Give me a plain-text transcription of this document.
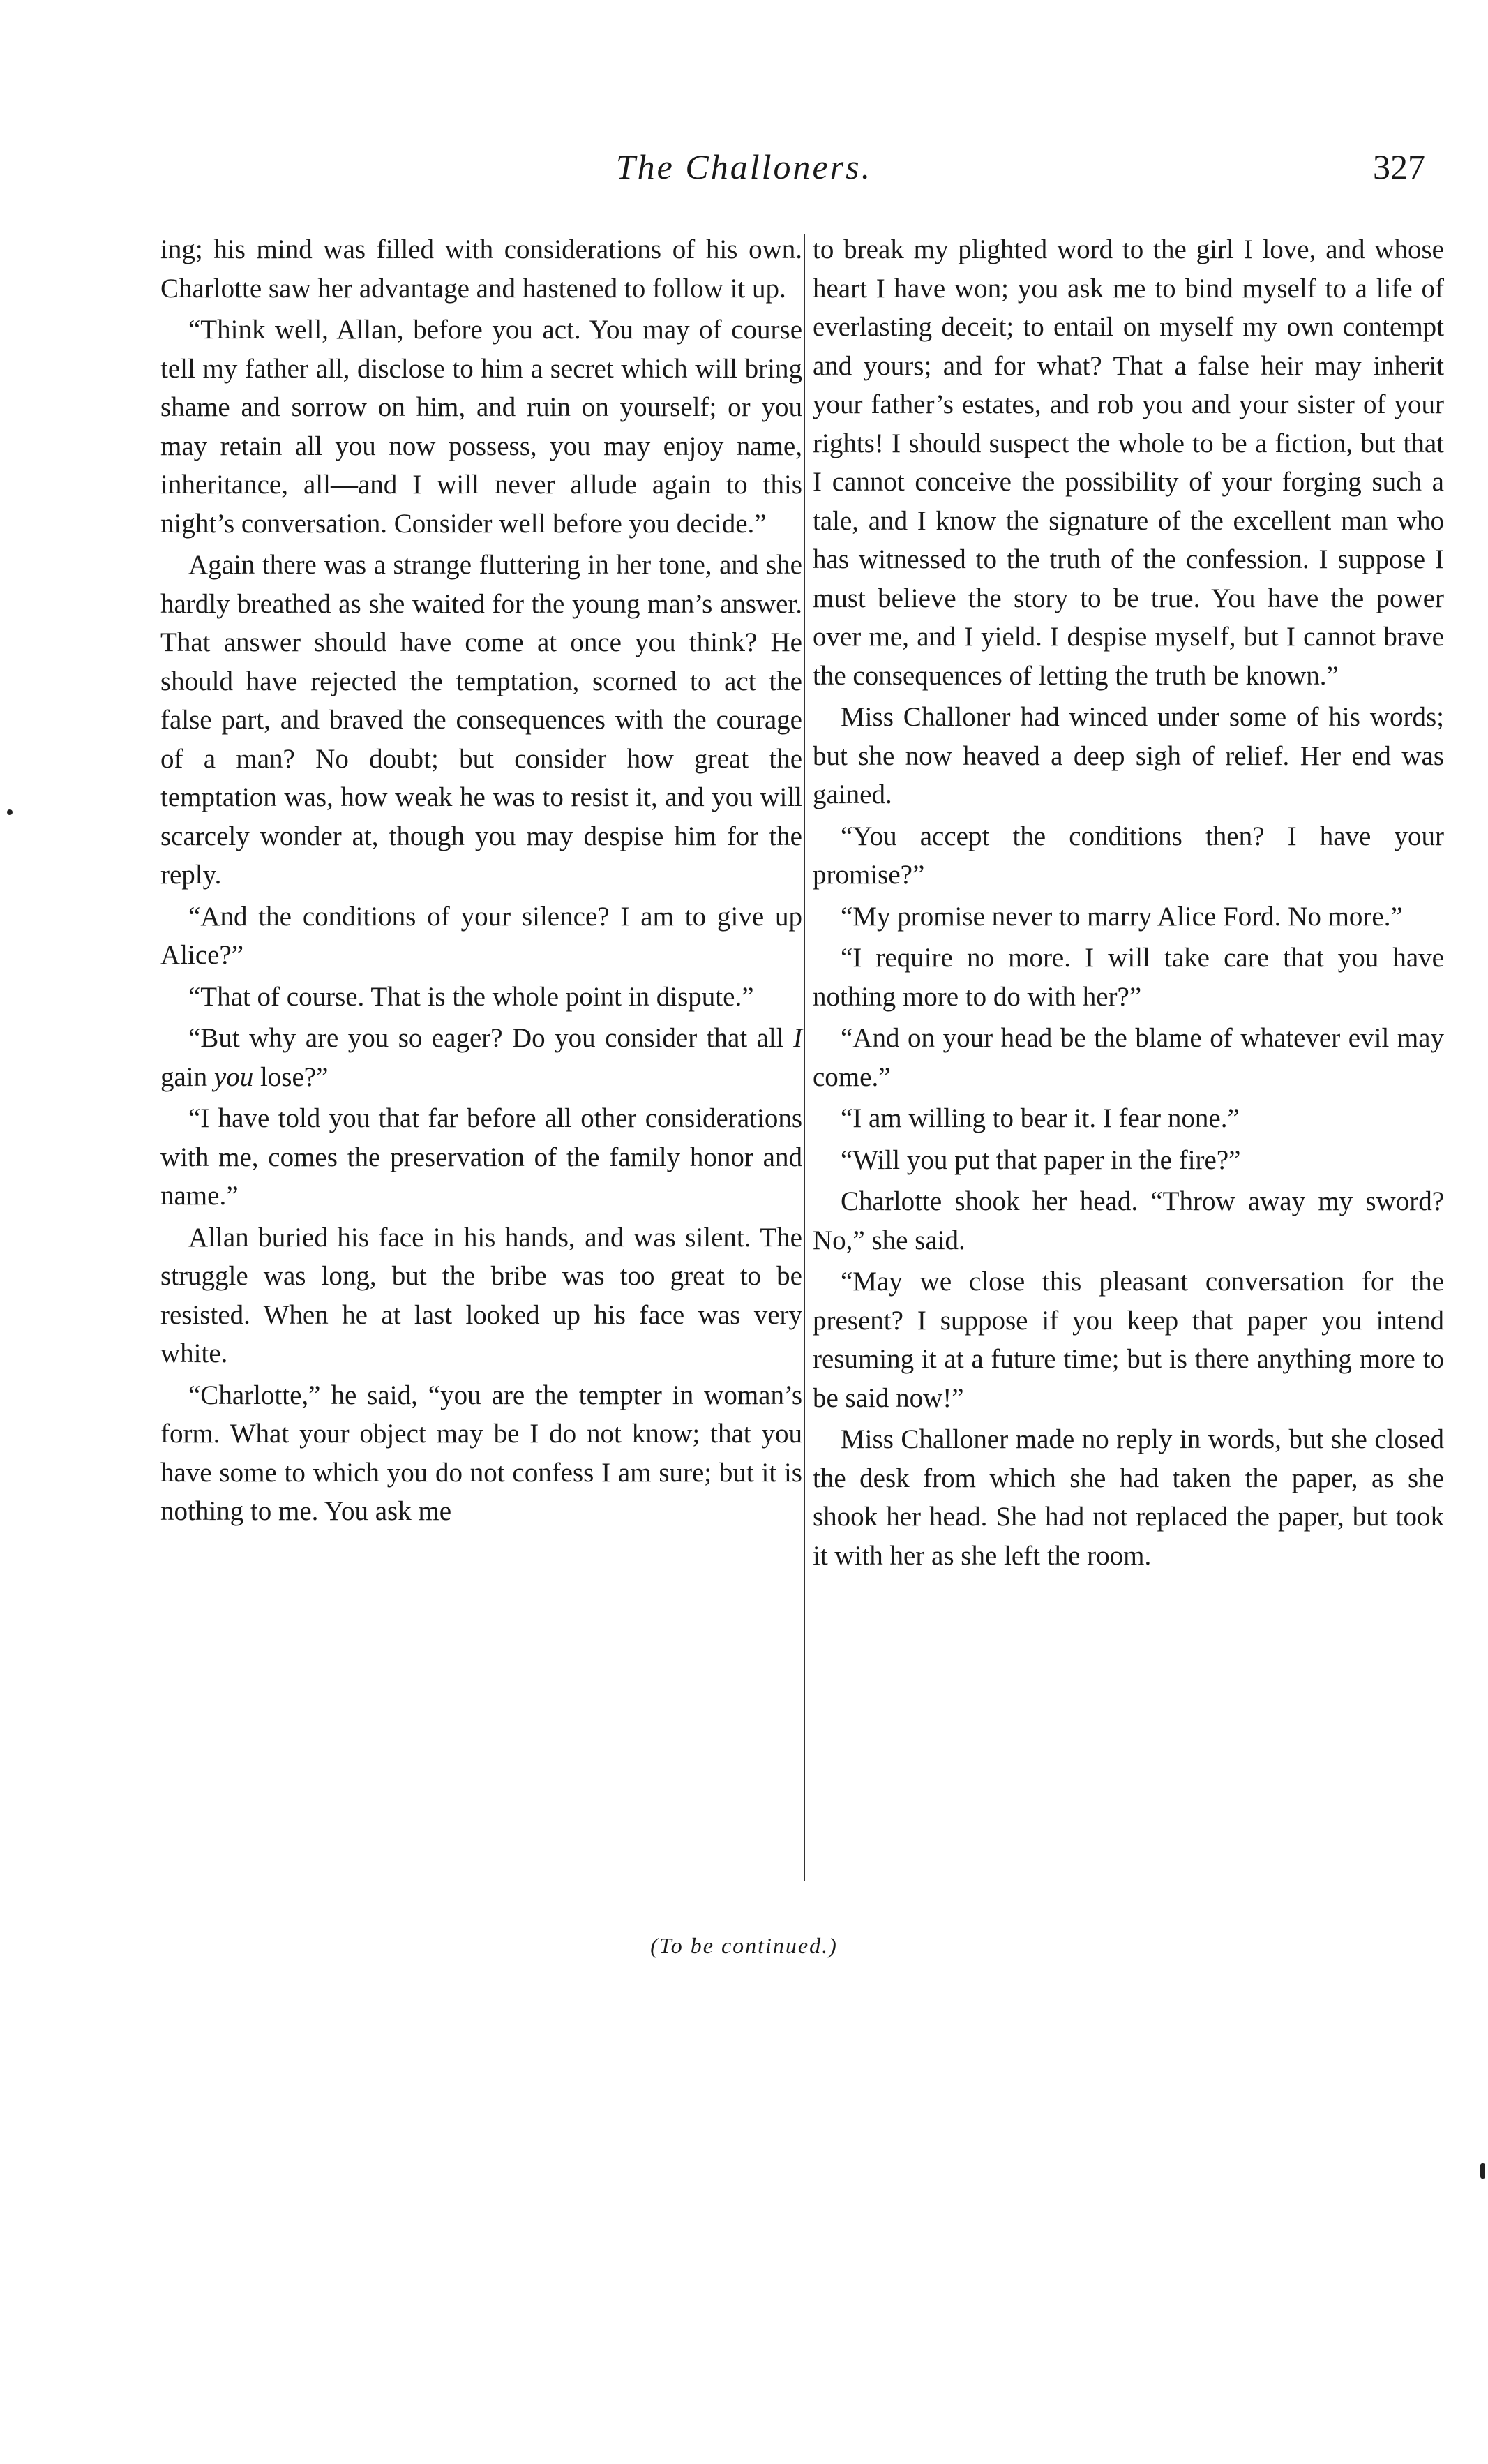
The Challoners.	327

ing; his mind was filled with considerations of his own. Charlotte saw her advantage and hastened to follow it up.

“Think well, Allan, before you act. You may of course tell my father all, disclose to him a secret which will bring shame and sorrow on him, and ruin on yourself; or you may retain all you now possess, you may enjoy name, inheritance, all—and I will never allude again to this night’s conversation. Consider well before you decide.”

Again there was a strange fluttering in her tone, and she hardly breathed as she waited for the young man’s answer. That answer should have come at once you think? He should have rejected the temptation, scorned to act the false part, and braved the consequences with the courage of a man? No doubt; but consider how great the temptation was, how weak he was to resist it, and you will scarcely wonder at, though you may despise him for the reply.

“And the conditions of your silence? I am to give up Alice?”

“That of course. That is the whole point in dispute.”

“But why are you so eager? Do you consider that all I gain you lose?”

“I have told you that far before all other considerations with me, comes the preservation of the family honor and name.”

Allan buried his face in his hands, and was silent. The struggle was long, but the bribe was too great to be resisted. When he at last looked up his face was very white.

“Charlotte,” he said, “you are the tempter in woman’s form. What your object may be I do not know; that you have some to which you do not confess I am sure; but it is nothing to me. You ask me

to break my plighted word to the girl I love, and whose heart I have won; you ask me to bind myself to a life of everlasting deceit; to entail on myself my own contempt and yours; and for what? That a false heir may inherit your father’s estates, and rob you and your sister of your rights! I should suspect the whole to be a fiction, but that I cannot conceive the possibility of your forging such a tale, and I know the signature of the excellent man who has witnessed to the truth of the confession. I suppose I must believe the story to be true. You have the power over me, and I yield. I despise myself, but I cannot brave the consequences of letting the truth be known.”

Miss Challoner had winced under some of his words; but she now heaved a deep sigh of relief. Her end was gained.

“You accept the conditions then? I have your promise?”

“My promise never to marry Alice Ford. No more.”

“I require no more. I will take care that you have nothing more to do with her?”

“And on your head be the blame of whatever evil may come.”

“I am willing to bear it. I fear none.”

“Will you put that paper in the fire?”

Charlotte shook her head. “Throw away my sword? No,” she said.

“May we close this pleasant conversation for the present? I suppose if you keep that paper you intend resuming it at a future time; but is there anything more to be said now!”

Miss Challoner made no reply in words, but she closed the desk from which she had taken the paper, as she shook her head. She had not replaced the paper, but took it with her as she left the room.

(To be continued.)
